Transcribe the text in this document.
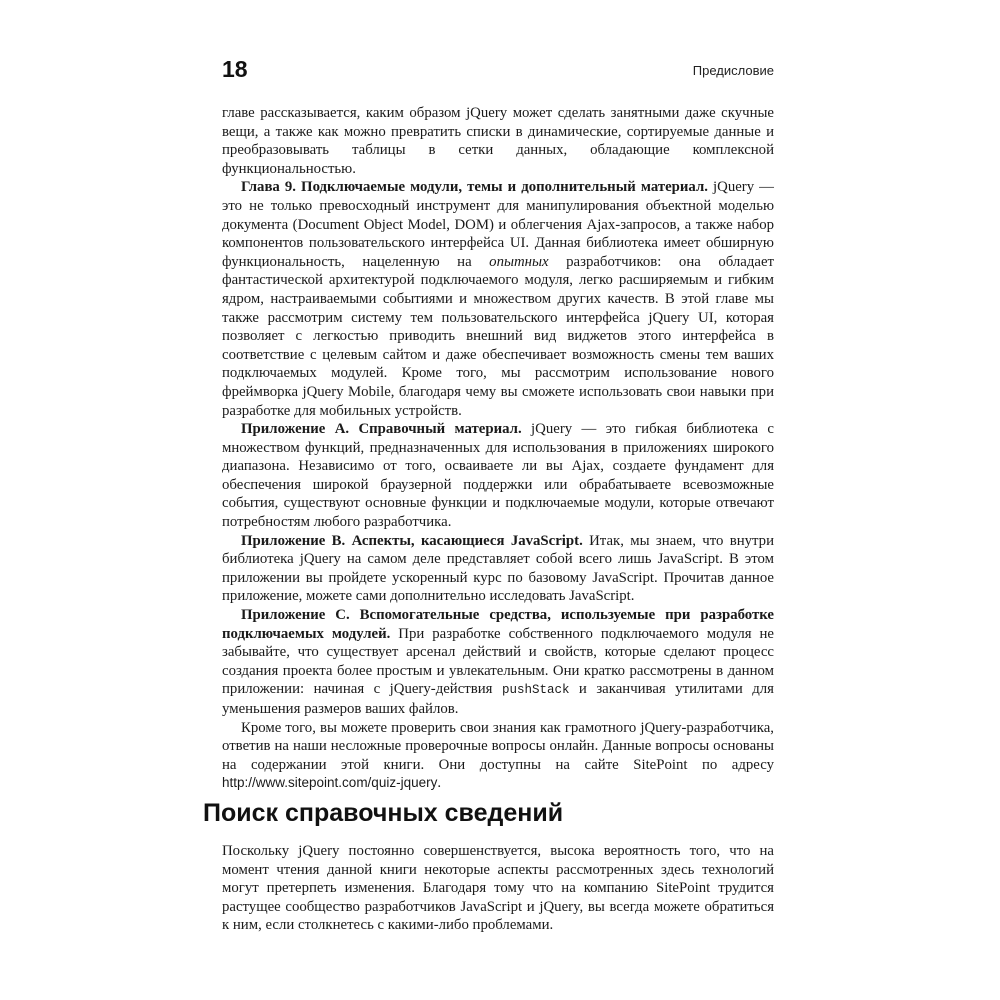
18	Предисловие

главе рассказывается, каким образом jQuery может сделать занятными даже скучные вещи, а также как можно превратить списки в динамические, сортируемые данные и преобразовывать таблицы в сетки данных, обладающие комплексной функциональностью.

Глава 9. Подключаемые модули, темы и дополнительный материал. jQuery — это не только превосходный инструмент для манипулирования объектной моделью документа (Document Object Model, DOM) и облегчения Ajax-запросов, а также набор компонентов пользовательского интерфейса UI. Данная библиотека имеет обширную функциональность, нацеленную на опытных разработчиков: она обладает фантастической архитектурой подключаемого модуля, легко расширяемым и гибким ядром, настраиваемыми событиями и множеством других качеств. В этой главе мы также рассмотрим систему тем пользовательского интерфейса jQuery UI, которая позволяет с легкостью приводить внешний вид виджетов этого интерфейса в соответствие с целевым сайтом и даже обеспечивает возможность смены тем ваших подключаемых модулей. Кроме того, мы рассмотрим использование нового фреймворка jQuery Mobile, благодаря чему вы сможете использовать свои навыки при разработке для мобильных устройств.

Приложение А. Справочный материал. jQuery — это гибкая библиотека с множеством функций, предназначенных для использования в приложениях широкого диапазона. Независимо от того, осваиваете ли вы Ajax, создаете фундамент для обеспечения широкой браузерной поддержки или обрабатываете всевозможные события, существуют основные функции и подключаемые модули, которые отвечают потребностям любого разработчика.

Приложение В. Аспекты, касающиеся JavaScript. Итак, мы знаем, что внутри библиотека jQuery на самом деле представляет собой всего лишь JavaScript. В этом приложении вы пройдете ускоренный курс по базовому JavaScript. Прочитав данное приложение, можете сами дополнительно исследовать JavaScript.

Приложение С. Вспомогательные средства, используемые при разработке подключаемых модулей. При разработке собственного подключаемого модуля не забывайте, что существует арсенал действий и свойств, которые сделают процесс создания проекта более простым и увлекательным. Они кратко рассмотрены в данном приложении: начиная с jQuery-действия pushStack и заканчивая утилитами для уменьшения размеров ваших файлов.

Кроме того, вы можете проверить свои знания как грамотного jQuery-разработчика, ответив на наши несложные проверочные вопросы онлайн. Данные вопросы основаны на содержании этой книги. Они доступны на сайте SitePoint по адресу http://www.sitepoint.com/quiz-jquery.

Поиск справочных сведений

Поскольку jQuery постоянно совершенствуется, высока вероятность того, что на момент чтения данной книги некоторые аспекты рассмотренных здесь технологий могут претерпеть изменения. Благодаря тому что на компанию SitePoint трудится растущее сообщество разработчиков JavaScript и jQuery, вы всегда можете обратиться к ним, если столкнетесь с какими-либо проблемами.
